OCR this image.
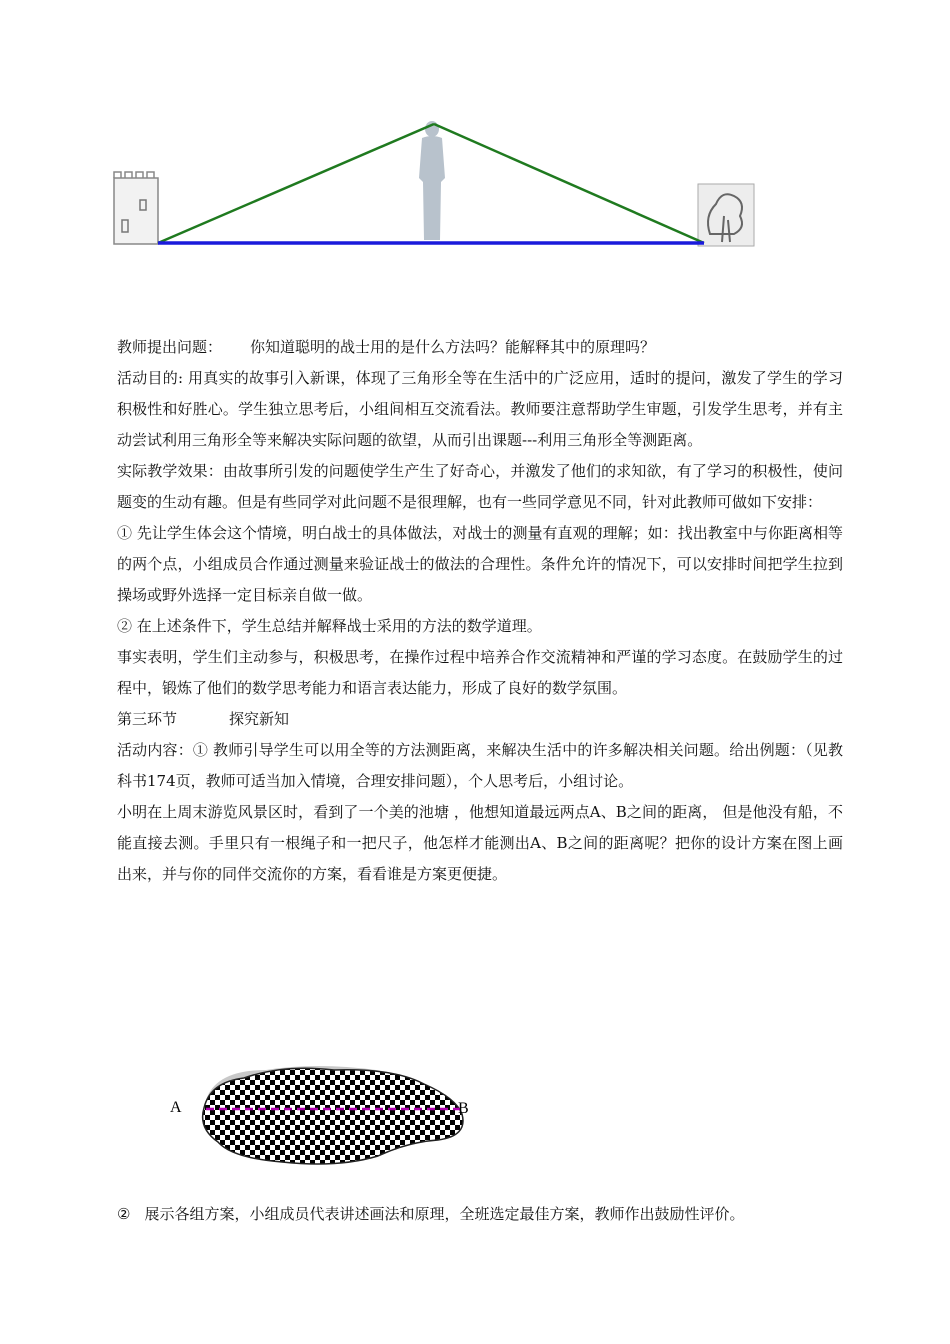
教师提出问题： 你知道聪明的战士用的是什么方法吗？能解释其中的原理吗？

活动目的: 用真实的故事引入新课，体现了三角形全等在生活中的广泛应用，适时的提问，激发了学生的学习积极性和好胜心。学生独立思考后，小组间相互交流看法。教师要注意帮助学生审题，引发学生思考，并有主动尝试利用三角形全等来解决实际问题的欲望，从而引出课题---利用三角形全等测距离。

实际教学效果：由故事所引发的问题使学生产生了好奇心，并激发了他们的求知欲，有了学习的积极性，使问题变的生动有趣。但是有些同学对此问题不是很理解，也有一些同学意见不同，针对此教师可做如下安排：

① 先让学生体会这个情境，明白战士的具体做法，对战士的测量有直观的理解；如：找出教室中与你距离相等的两个点，小组成员合作通过测量来验证战士的做法的合理性。条件允许的情况下，可以安排时间把学生拉到操场或野外选择一定目标亲自做一做。

② 在上述条件下，学生总结并解释战士采用的方法的数学道理。

事实表明，学生们主动参与，积极思考，在操作过程中培养合作交流精神和严谨的学习态度。在鼓励学生的过程中，锻炼了他们的数学思考能力和语言表达能力，形成了良好的数学氛围。

第三环节	探究新知

活动内容：① 教师引导学生可以用全等的方法测距离，来解决生活中的许多解决相关问题。给出例题：（见教科书174页，教师可适当加入情境，合理安排问题），个人思考后，小组讨论。

小明在上周末游览风景区时，看到了一个美的池塘 ，他想知道最远两点A、B之间的距离， 但是他没有船，不能直接去测。手里只有一根绳子和一把尺子，他怎样才能测出A、B之间的距离呢？把你的设计方案在图上画出来，并与你的同伴交流你的方案，看看谁是方案更便捷。

A	B
② 展示各组方案，小组成员代表讲述画法和原理，全班选定最佳方案，教师作出鼓励性评价。
